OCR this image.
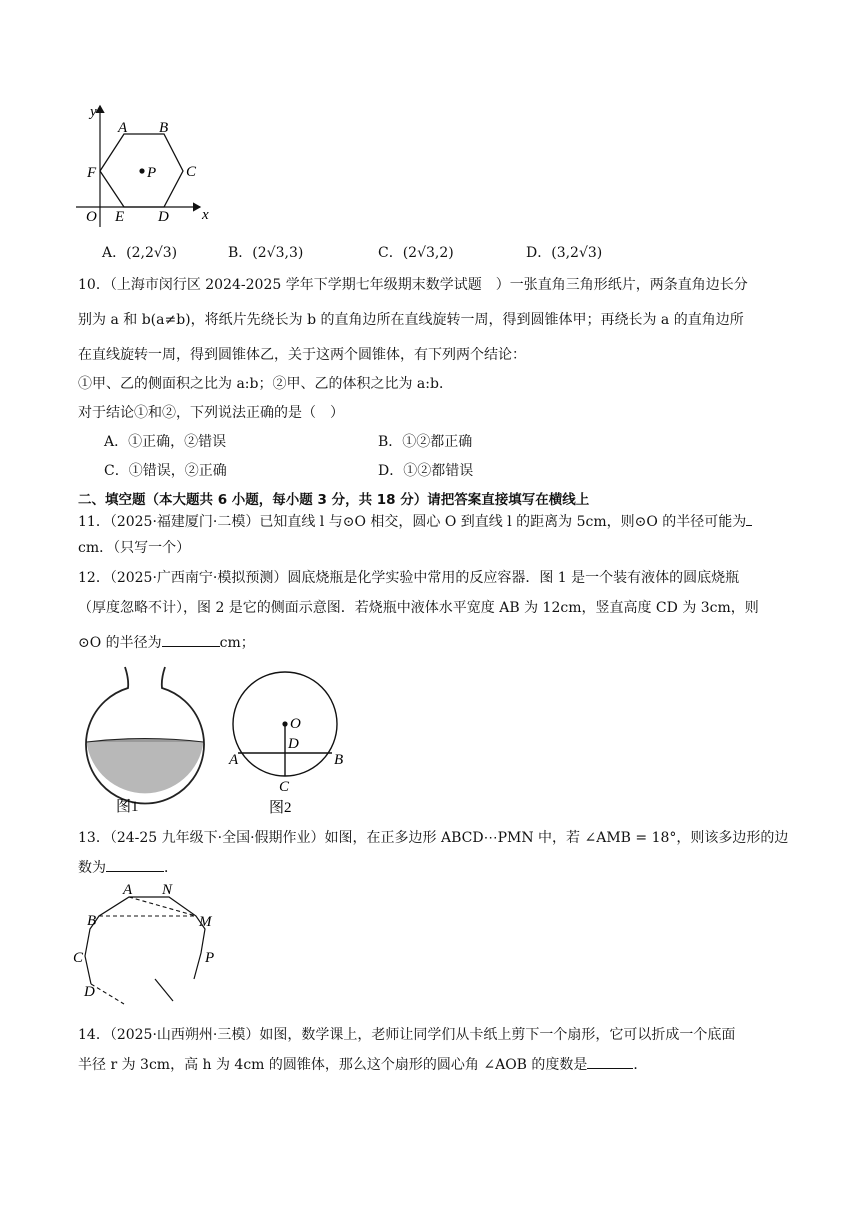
y
x
O
A B
C
D
E
F	P
A．(2,2√3)	B．(2√3,3)	C．(2√3,2)	D．(3,2√3)
10．（上海市闵行区 2024-2025 学年下学期七年级期末数学试题　）一张直角三角形纸片，两条直角边长分
别为 a 和 b(a≠b)，将纸片先绕长为 b 的直角边所在直线旋转一周，得到圆锥体甲；再绕长为 a 的直角边所
在直线旋转一周，得到圆锥体乙，关于这两个圆锥体，有下列两个结论：
①甲、乙的侧面积之比为 a:b；②甲、乙的体积之比为 a:b．
对于结论①和②，下列说法正确的是（　）
A．①正确，②错误	B．①②都正确
C．①错误，②正确	D．①②都错误
二、填空题（本大题共 6 小题，每小题 3 分，共 18 分）请把答案直接填写在横线上
11．（2025·福建厦门·二模）已知直线 l 与⊙O 相交，圆心 O 到直线 l 的距离为 5cm，则⊙O 的半径可能为
cm．（只写一个）
12．（2025·广西南宁·模拟预测）圆底烧瓶是化学实验中常用的反应容器．图 1 是一个装有液体的圆底烧瓶
（厚度忽略不计），图 2 是它的侧面示意图．若烧瓶中液体水平宽度 AB 为 12cm，竖直高度 CD 为 3cm，则
⊙O 的半径为	cm；
图1
O
D
A	B
C
图2
13．（24-25 九年级下·全国·假期作业）如图，在正多边形 ABCD⋯PMN 中，若 ∠AMB = 18°，则该多边形的边
数为	．
A N
B	M
C	P
D
14．（2025·山西朔州·三模）如图，数学课上，老师让同学们从卡纸上剪下一个扇形，它可以折成一个底面
半径 r 为 3cm，高 h 为 4cm 的圆锥体，那么这个扇形的圆心角 ∠AOB 的度数是	．
